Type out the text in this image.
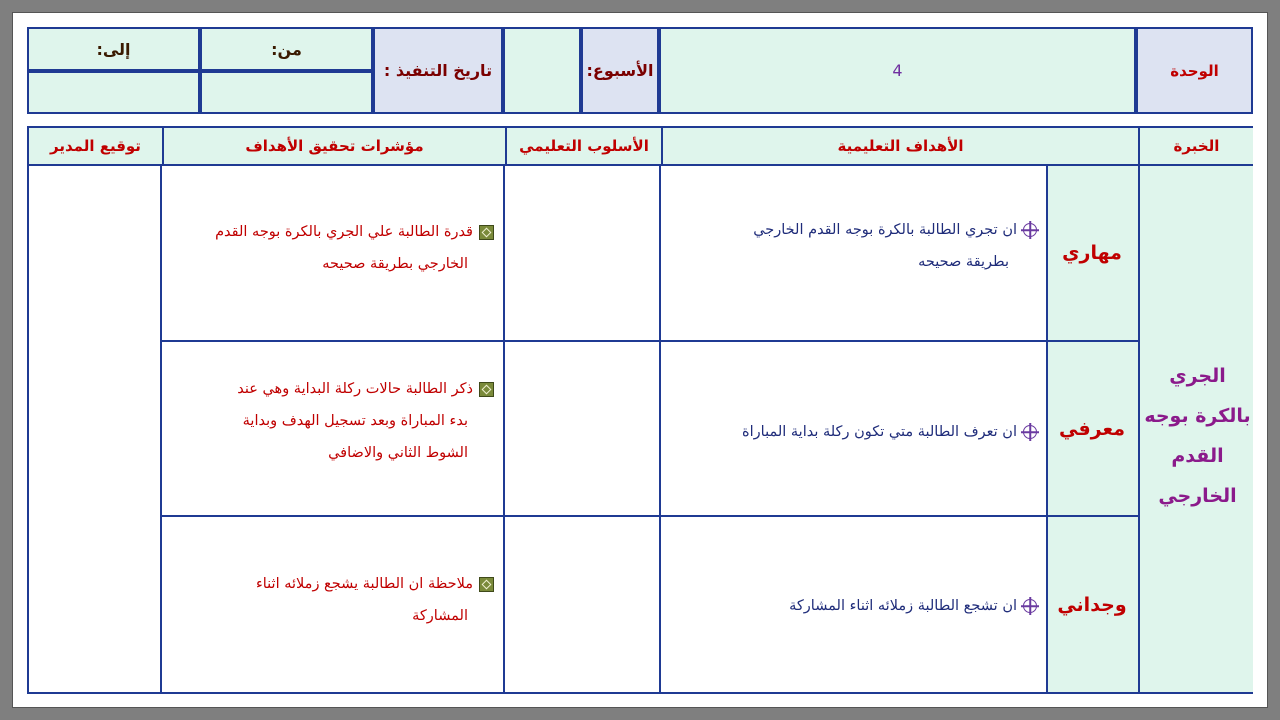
الوحدة
4
الأسبوع:
تاريخ التنفيذ :
من:
إلى:
الخبرة
الأهداف التعليمية
الأسلوب التعليمي
مؤشرات تحقيق الأهداف
توقيع المدير
الجري
بالكرة بوجه
القدم
الخارجي
مهاري
ان تجري الطالبة بالكرة بوجه القدم الخارجي
بطريقة صحيحه
قدرة الطالبة علي الجري بالكرة بوجه القدم
الخارجي بطريقة صحيحه
معرفي
ان تعرف الطالبة متي تكون ركلة بداية المباراة
ذكر الطالبة حالات ركلة البداية وهي عند
بدء المباراة وبعد تسجيل الهدف وبداية
الشوط الثاني والاضافي
وجداني
ان تشجع الطالبة زملائه اثناء المشاركة
ملاحظة ان الطالبة يشجع زملائه اثناء
المشاركة
